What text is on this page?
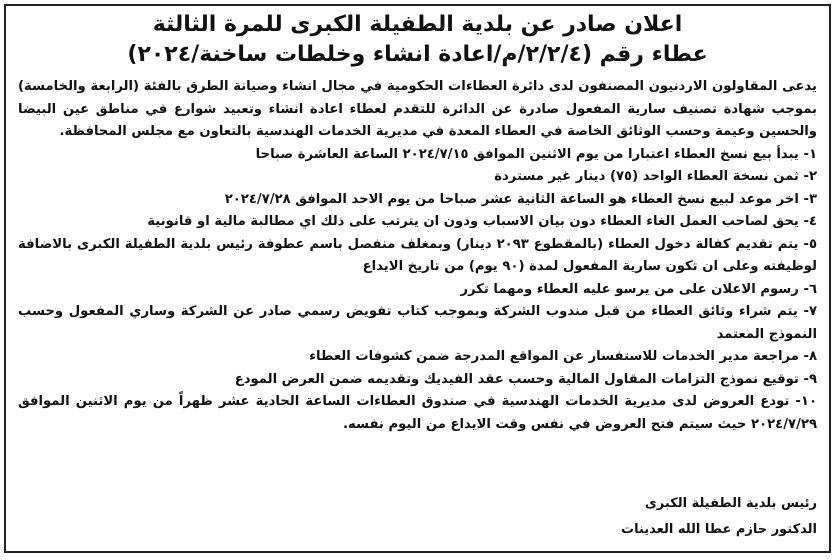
اعلان صادر عن بلدية الطفيلة الكبرى للمرة الثالثة

عطاء رقم (٢/٢/٤/م/اعادة انشاء وخلطات ساخنة/٢٠٢٤)

يدعى المقاولون الاردنيون المصنفون لدى دائرة العطاءات الحكومية في مجال انشاء وصيانة الطرق بالفئة (الرابعة والخامسة) بموجب شهادة تصنيف سارية المفعول صادرة عن الدائرة للتقدم لعطاء اعادة انشاء وتعبيد شوارع في مناطق عين البيضا والحسين وعيمة وحسب الوثائق الخاصة في العطاء المعدة في مديرية الخدمات الهندسية بالتعاون مع مجلس المحافظة.

١- يبدأ بيع نسخ العطاء اعتبارا من يوم الاثنين الموافق ٢٠٢٤/٧/١٥ الساعة العاشرة صباحا

٢- ثمن نسخة العطاء الواحد (٧٥) دينار غير مستردة

٣- اخر موعد لبيع نسخ العطاء هو الساعة الثانية عشر صباحا من يوم الاحد الموافق ٢٠٢٤/٧/٢٨

٤- يحق لصاحب العمل الغاء العطاء دون بيان الاسباب ودون ان يترتب على ذلك اي مطالبة مالية او قانونية

٥- يتم تقديم كفالة دخول العطاء (بالمقطوع ٢٠٩٣ دينار) وبمغلف منفصل باسم عطوفة رئيس بلدية الطفيلة الكبرى بالاضافة لوظيفته وعلى ان تكون سارية المفعول لمدة (٩٠ يوم) من تاريخ الايداع

٦- رسوم الاعلان على من يرسو عليه العطاء ومهما تكرر

٧- يتم شراء وثائق العطاء من قبل مندوب الشركة وبموجب كتاب تفويض رسمي صادر عن الشركة وساري المفعول وحسب النموذج المعتمد

٨- مراجعة مدير الخدمات للاستفسار عن المواقع المدرجة ضمن كشوفات العطاء

٩- توقيع نموذج التزامات المقاول المالية وحسب عقد الفيديك وتقديمه ضمن العرض المودع

١٠- تودع العروض لدى مديرية الخدمات الهندسية في صندوق العطاءات الساعة الحادية عشر ظهراً من يوم الاثنين الموافق ٢٠٢٤/٧/٢٩ حيث سيتم فتح العروض في نفس وقت الايداع من اليوم نفسه.

رئيس بلدية الطفيلة الكبرى
الدكتور حازم عطا الله العدينات
